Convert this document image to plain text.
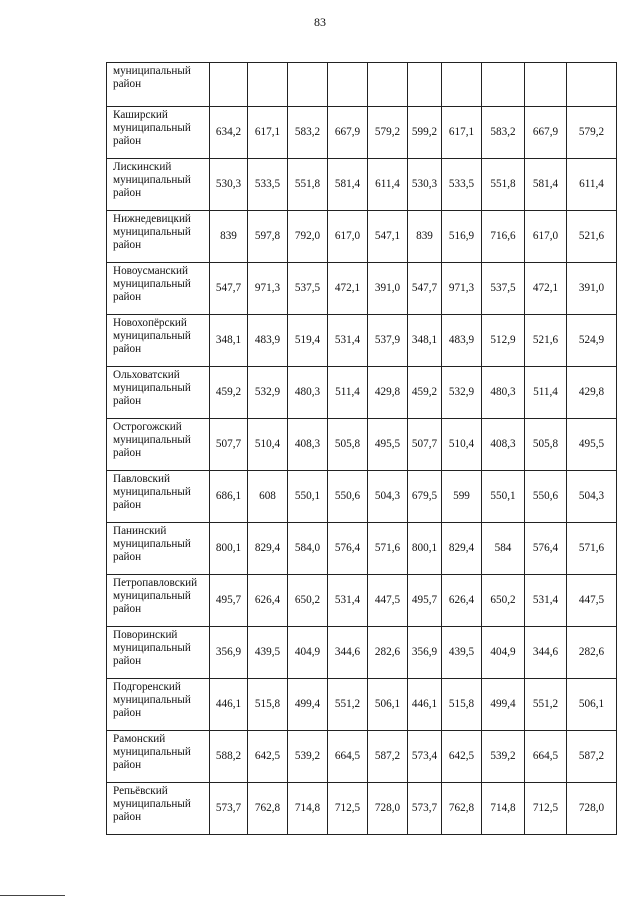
83
муниципальный
район										

Каширский
муниципальный
район	634,2	617,1	583,2	667,9	579,2	599,2	617,1	583,2	667,9	579,2

Лискинский
муниципальный
район	530,3	533,5	551,8	581,4	611,4	530,3	533,5	551,8	581,4	611,4

Нижнедевицкий
муниципальный
район	839	597,8	792,0	617,0	547,1	839	516,9	716,6	617,0	521,6

Новоусманский
муниципальный
район	547,7	971,3	537,5	472,1	391,0	547,7	971,3	537,5	472,1	391,0

Новохопёрский
муниципальный
район	348,1	483,9	519,4	531,4	537,9	348,1	483,9	512,9	521,6	524,9

Ольховатский
муниципальный
район	459,2	532,9	480,3	511,4	429,8	459,2	532,9	480,3	511,4	429,8

Острогожский
муниципальный
район	507,7	510,4	408,3	505,8	495,5	507,7	510,4	408,3	505,8	495,5

Павловский
муниципальный
район	686,1	608	550,1	550,6	504,3	679,5	599	550,1	550,6	504,3

Панинский
муниципальный
район	800,1	829,4	584,0	576,4	571,6	800,1	829,4	584	576,4	571,6

Петропавловский
муниципальный
район	495,7	626,4	650,2	531,4	447,5	495,7	626,4	650,2	531,4	447,5

Поворинский
муниципальный
район	356,9	439,5	404,9	344,6	282,6	356,9	439,5	404,9	344,6	282,6

Подгоренский
муниципальный
район	446,1	515,8	499,4	551,2	506,1	446,1	515,8	499,4	551,2	506,1

Рамонский
муниципальный
район	588,2	642,5	539,2	664,5	587,2	573,4	642,5	539,2	664,5	587,2

Репьёвский
муниципальный
район	573,7	762,8	714,8	712,5	728,0	573,7	762,8	714,8	712,5	728,0
